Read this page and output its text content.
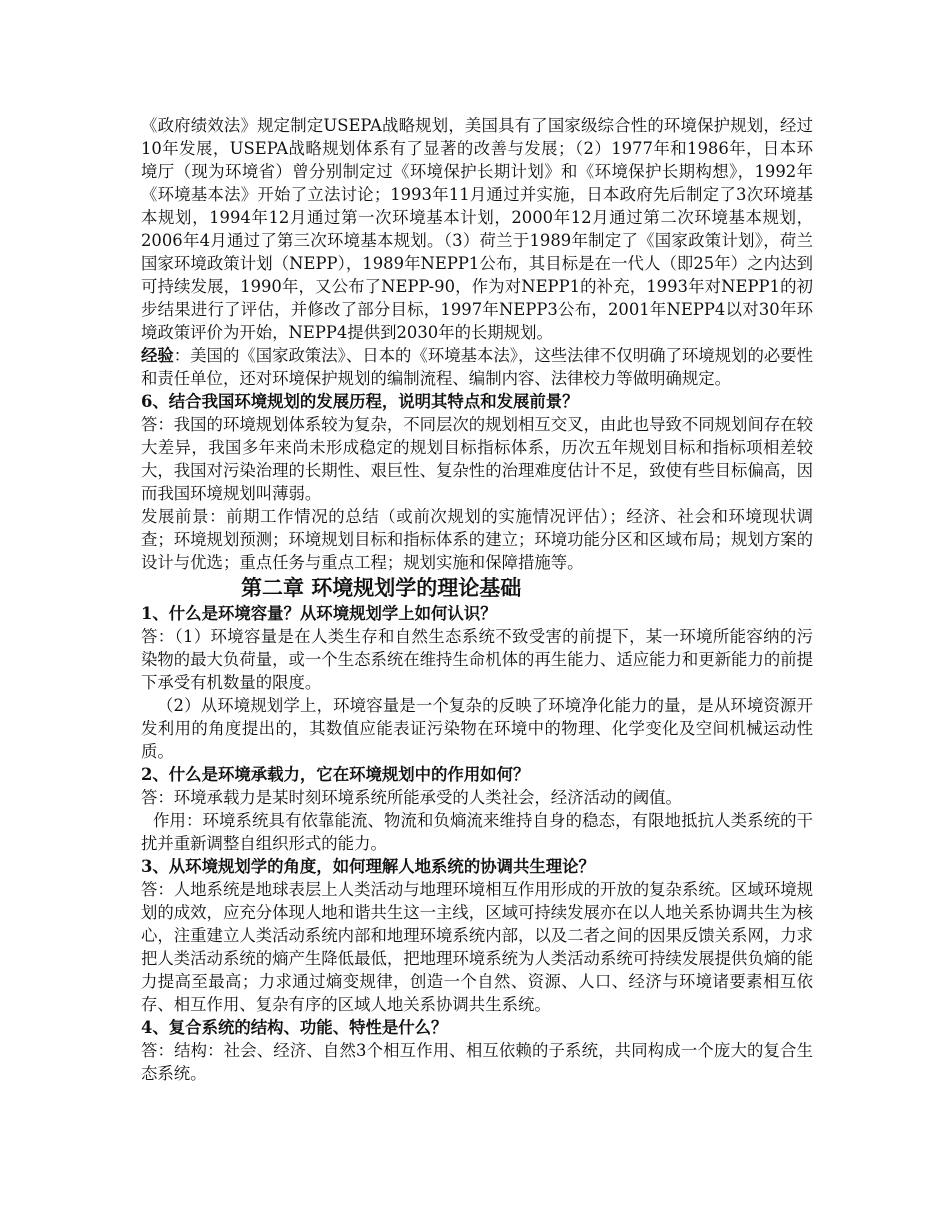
《政府绩效法》规定制定USEPA战略规划，美国具有了国家级综合性的环境保护规划，经过10年发展，USEPA战略规划体系有了显著的改善与发展；（2）1977年和1986年，日本环境厅（现为环境省）曾分别制定过《环境保护长期计划》和《环境保护长期构想》，1992年《环境基本法》开始了立法讨论；1993年11月通过并实施，日本政府先后制定了3次环境基本规划，1994年12月通过第一次环境基本计划，2000年12月通过第二次环境基本规划，2006年4月通过了第三次环境基本规划。（3）荷兰于1989年制定了《国家政策计划》，荷兰国家环境政策计划（NEPP），1989年NEPP1公布，其目标是在一代人（即25年）之内达到可持续发展，1990年，又公布了NEPP-90，作为对NEPP1的补充，1993年对NEPP1的初步结果进行了评估，并修改了部分目标，1997年NEPP3公布，2001年NEPP4以对30年环境政策评价为开始，NEPP4提供到2030年的长期规划。

经验：美国的《国家政策法》、日本的《环境基本法》，这些法律不仅明确了环境规划的必要性和责任单位，还对环境保护规划的编制流程、编制内容、法律校力等做明确规定。

6、结合我国环境规划的发展历程，说明其特点和发展前景？

答：我国的环境规划体系较为复杂，不同层次的规划相互交叉，由此也导致不同规划间存在较大差异，我国多年来尚未形成稳定的规划目标指标体系，历次五年规划目标和指标项相差较大，我国对污染治理的长期性、艰巨性、复杂性的治理难度估计不足，致使有些目标偏高，因而我国环境规划叫薄弱。

发展前景：前期工作情况的总结（或前次规划的实施情况评估）；经济、社会和环境现状调查；环境规划预测；环境规划目标和指标体系的建立；环境功能分区和区域布局；规划方案的设计与优选；重点任务与重点工程；规划实施和保障措施等。

第二章 环境规划学的理论基础

1、什么是环境容量？从环境规划学上如何认识？

答：（1）环境容量是在人类生存和自然生态系统不致受害的前提下，某一环境所能容纳的污染物的最大负荷量，或一个生态系统在维持生命机体的再生能力、适应能力和更新能力的前提下承受有机数量的限度。

（2）从环境规划学上，环境容量是一个复杂的反映了环境净化能力的量，是从环境资源开发利用的角度提出的，其数值应能表证污染物在环境中的物理、化学变化及空间机械运动性质。

2、什么是环境承载力，它在环境规划中的作用如何？

答：环境承载力是某时刻环境系统所能承受的人类社会，经济活动的阈值。

作用：环境系统具有依靠能流、物流和负熵流来维持自身的稳态，有限地抵抗人类系统的干扰并重新调整自组织形式的能力。

3、从环境规划学的角度，如何理解人地系统的协调共生理论？

答：人地系统是地球表层上人类活动与地理环境相互作用形成的开放的复杂系统。区域环境规划的成效，应充分体现人地和谐共生这一主线，区域可持续发展亦在以人地关系协调共生为核心，注重建立人类活动系统内部和地理环境系统内部，以及二者之间的因果反馈关系网，力求把人类活动系统的熵产生降低最低，把地理环境系统为人类活动系统可持续发展提供负熵的能力提高至最高；力求通过熵变规律，创造一个自然、资源、人口、经济与环境诸要素相互依存、相互作用、复杂有序的区域人地关系协调共生系统。

4、复合系统的结构、功能、特性是什么？

答：结构：社会、经济、自然3个相互作用、相互依赖的子系统，共同构成一个庞大的复合生态系统。
